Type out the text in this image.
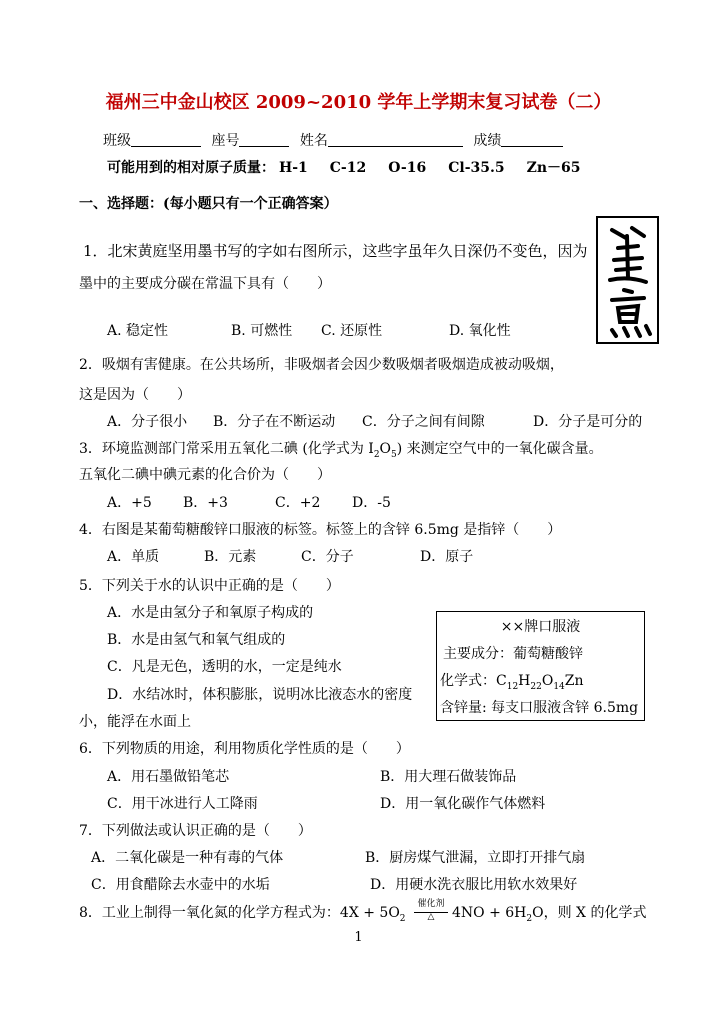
福州三中金山校区 2009~2010 学年上学期末复习试卷（二）
班级	座号	姓名	成绩
可能用到的相对原子质量： H-1 C-12 O-16 Cl-35.5 Zn－65
一、选择题：(每小题只有一个正确答案）
1．北宋黄庭坚用墨书写的字如右图所示，这些字虽年久日深仍不变色，因为
墨中的主要成分碳在常温下具有（　　）
A. 稳定性	B. 可燃性 C. 还原性	D. 氧化性
2．吸烟有害健康。在公共场所，非吸烟者会因少数吸烟者吸烟造成被动吸烟，
这是因为（　　）
A．分子很小 B．分子在不断运动 C．分子之间有间隙	D．分子是可分的
3．环境监测部门常采用五氧化二碘 (化学式为 $I_2O_5$) 来测定空气中的一氧化碳含量。
五氧化二碘中碘元素的化合价为（　　）
A．+5 B．+3	C．+2 D．-5
4．右图是某葡萄糖酸锌口服液的标签。标签上的含锌 6.5mg 是指锌（　　）
A．单质	B．元素	C．分子	D．原子
5．下列关于水的认识中正确的是（　　）
A．水是由氢分子和氧原子构成的
B．水是由氢气和氧气组成的
C．凡是无色，透明的水，一定是纯水
D．水结冰时，体积膨胀，说明冰比液态水的密度
小，能浮在水面上
××牌口服液
主要成分：葡萄糖酸锌
化学式：$C_{12}H_{22}O_{14}Zn$
含锌量: 每支口服液含锌 6.5mg
6．下列物质的用途，利用物质化学性质的是（　　）
A．用石墨做铅笔芯	B．用大理石做装饰品
C．用干冰进行人工降雨	D．用一氧化碳作气体燃料
7．下列做法或认识正确的是（　　）
A．二氧化碳是一种有毒的气体	B．厨房煤气泄漏，立即打开排气扇
C．用食醋除去水壶中的水垢	D．用硬水洗衣服比用软水效果好
8．工业上制得一氧化氮的化学方程式为：$4X + 5O_2$
催化剂
△	$4NO + 6H_2O$，则 X 的化学式
1
